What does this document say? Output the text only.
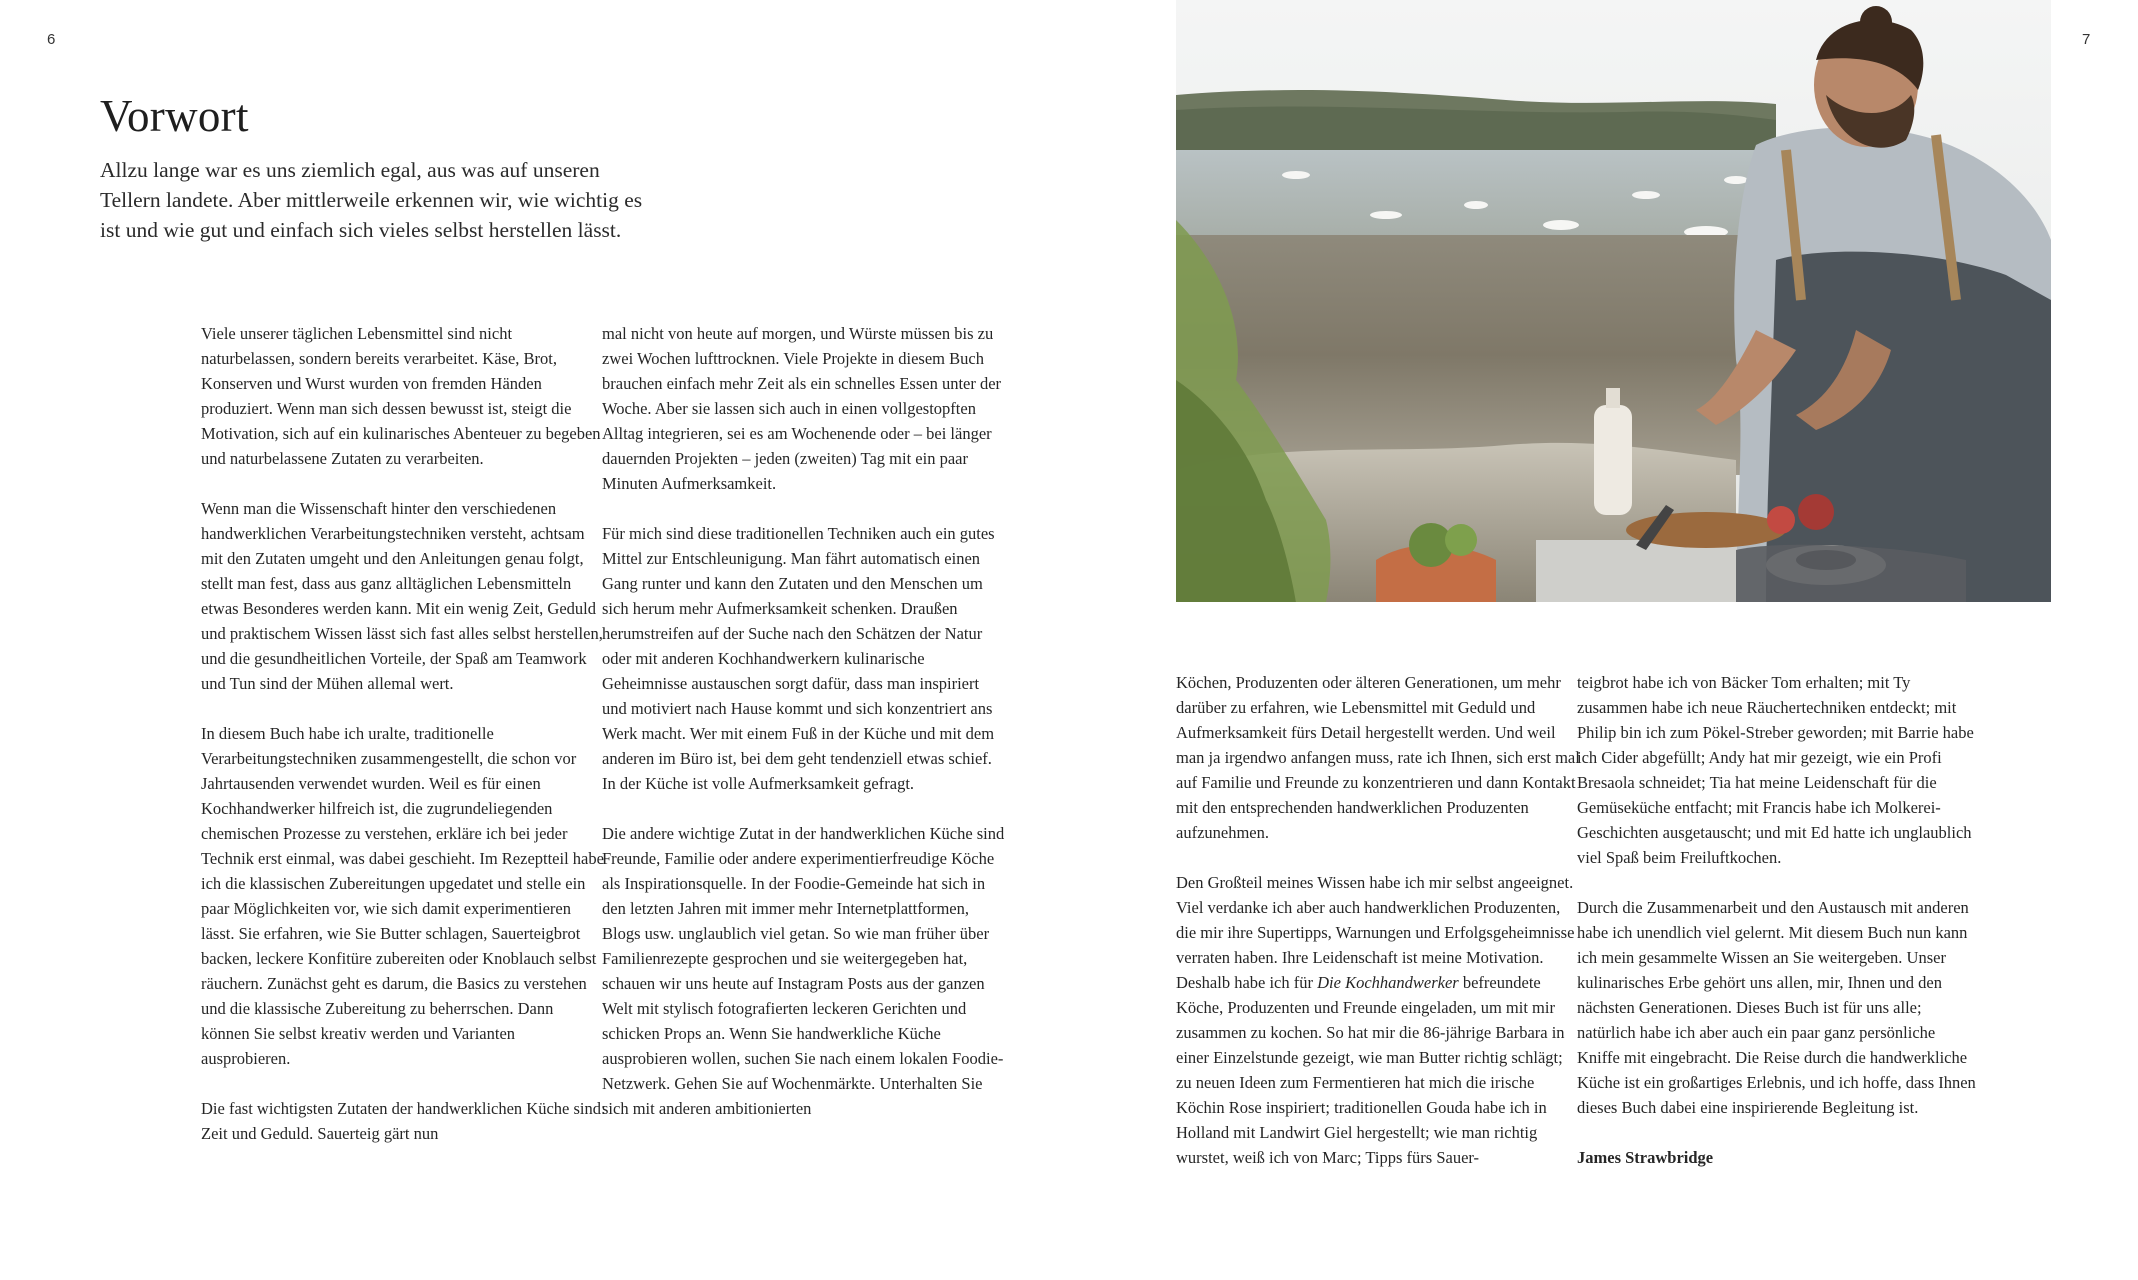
6	7
Vorwort

Allzu lange war es uns ziemlich egal, aus was auf unseren Tellern landete. Aber mittlerweile erkennen wir, wie wichtig es ist und wie gut und einfach sich vieles selbst herstellen lässt.

Viele unserer täglichen Lebensmittel sind nicht naturbelassen, sondern bereits verarbeitet. Käse, Brot, Konserven und Wurst wurden von fremden Händen produziert. Wenn man sich dessen bewusst ist, steigt die Motivation, sich auf ein kulinarisches Abenteuer zu begeben und naturbelassene Zutaten zu verarbeiten.

Wenn man die Wissenschaft hinter den verschiedenen handwerklichen Verarbeitungstechniken versteht, achtsam mit den Zutaten umgeht und den Anleitungen genau folgt, stellt man fest, dass aus ganz alltäglichen Lebensmitteln etwas Besonderes werden kann. Mit ein wenig Zeit, Geduld und praktischem Wissen lässt sich fast alles selbst herstellen, und die gesundheitlichen Vorteile, der Spaß am Teamwork und Tun sind der Mühen allemal wert.

In diesem Buch habe ich uralte, traditionelle Verarbeitungstechniken zusammengestellt, die schon vor Jahrtausenden verwendet wurden. Weil es für einen Kochhandwerker hilfreich ist, die zugrundeliegenden chemischen Prozesse zu verstehen, erkläre ich bei jeder Technik erst einmal, was dabei geschieht. Im Rezeptteil habe ich die klassischen Zubereitungen upgedatet und stelle ein paar Möglichkeiten vor, wie sich damit experimentieren lässt. Sie erfahren, wie Sie Butter schlagen, Sauerteigbrot backen, leckere Konfitüre zubereiten oder Knoblauch selbst räuchern. Zunächst geht es darum, die Basics zu verstehen und die klassische Zubereitung zu beherrschen. Dann können Sie selbst kreativ werden und Varianten ausprobieren.

Die fast wichtigsten Zutaten der handwerklichen Küche sind: Zeit und Geduld. Sauerteig gärt nun

mal nicht von heute auf morgen, und Würste müssen bis zu zwei Wochen lufttrocknen. Viele Projekte in diesem Buch brauchen einfach mehr Zeit als ein schnelles Essen unter der Woche. Aber sie lassen sich auch in einen vollgestopften Alltag integrieren, sei es am Wochenende oder – bei länger dauernden Projekten – jeden (zweiten) Tag mit ein paar Minuten Aufmerksamkeit.

Für mich sind diese traditionellen Techniken auch ein gutes Mittel zur Entschleunigung. Man fährt automatisch einen Gang runter und kann den Zutaten und den Menschen um sich herum mehr Aufmerksamkeit schenken. Draußen herumstreifen auf der Suche nach den Schätzen der Natur oder mit anderen Kochhandwerkern kulinarische Geheimnisse austauschen sorgt dafür, dass man inspiriert und motiviert nach Hause kommt und sich konzentriert ans Werk macht. Wer mit einem Fuß in der Küche und mit dem anderen im Büro ist, bei dem geht tendenziell etwas schief. In der Küche ist volle Aufmerksamkeit gefragt.

Die andere wichtige Zutat in der handwerklichen Küche sind Freunde, Familie oder andere experimentierfreudige Köche als Inspirationsquelle. In der Foodie-Gemeinde hat sich in den letzten Jahren mit immer mehr Internetplattformen, Blogs usw. unglaublich viel getan. So wie man früher über Familienrezepte gesprochen und sie weitergegeben hat, schauen wir uns heute auf Instagram Posts aus der ganzen Welt mit stylisch fotografierten leckeren Gerichten und schicken Props an. Wenn Sie handwerkliche Küche ausprobieren wollen, suchen Sie nach einem lokalen Foodie-Netzwerk. Gehen Sie auf Wochenmärkte. Unterhalten Sie sich mit anderen ambitionierten

Köchen, Produzenten oder älteren Generationen, um mehr darüber zu erfahren, wie Lebensmittel mit Geduld und Aufmerksamkeit fürs Detail hergestellt werden. Und weil man ja irgendwo anfangen muss, rate ich Ihnen, sich erst mal auf Familie und Freunde zu konzentrieren und dann Kontakt mit den entsprechenden handwerklichen Produzenten aufzunehmen.

Den Großteil meines Wissen habe ich mir selbst angeeignet. Viel verdanke ich aber auch handwerklichen Produzenten, die mir ihre Supertipps, Warnungen und Erfolgsgeheimnisse verraten haben. Ihre Leidenschaft ist meine Motivation. Deshalb habe ich für Die Kochhandwerker befreundete Köche, Produzenten und Freunde eingeladen, um mit mir zusammen zu kochen. So hat mir die 86-jährige Barbara in einer Einzelstunde gezeigt, wie man Butter richtig schlägt; zu neuen Ideen zum Fermentieren hat mich die irische Köchin Rose inspiriert; traditionellen Gouda habe ich in Holland mit Landwirt Giel hergestellt; wie man richtig wurstet, weiß ich von Marc; Tipps fürs Sauer-

teigbrot habe ich von Bäcker Tom erhalten; mit Ty zusammen habe ich neue Räuchertechniken entdeckt; mit Philip bin ich zum Pökel-Streber geworden; mit Barrie habe ich Cider abgefüllt; Andy hat mir gezeigt, wie ein Profi Bresaola schneidet; Tia hat meine Leidenschaft für die Gemüseküche entfacht; mit Francis habe ich Molkerei-Geschichten ausgetauscht; und mit Ed hatte ich unglaublich viel Spaß beim Freiluftkochen.

Durch die Zusammenarbeit und den Austausch mit anderen habe ich unendlich viel gelernt. Mit diesem Buch nun kann ich mein gesammelte Wissen an Sie weitergeben. Unser kulinarisches Erbe gehört uns allen, mir, Ihnen und den nächsten Generationen. Dieses Buch ist für uns alle; natürlich habe ich aber auch ein paar ganz persönliche Kniffe mit eingebracht. Die Reise durch die handwerkliche Küche ist ein großartiges Erlebnis, und ich hoffe, dass Ihnen dieses Buch dabei eine inspirierende Begleitung ist.

James Strawbridge
